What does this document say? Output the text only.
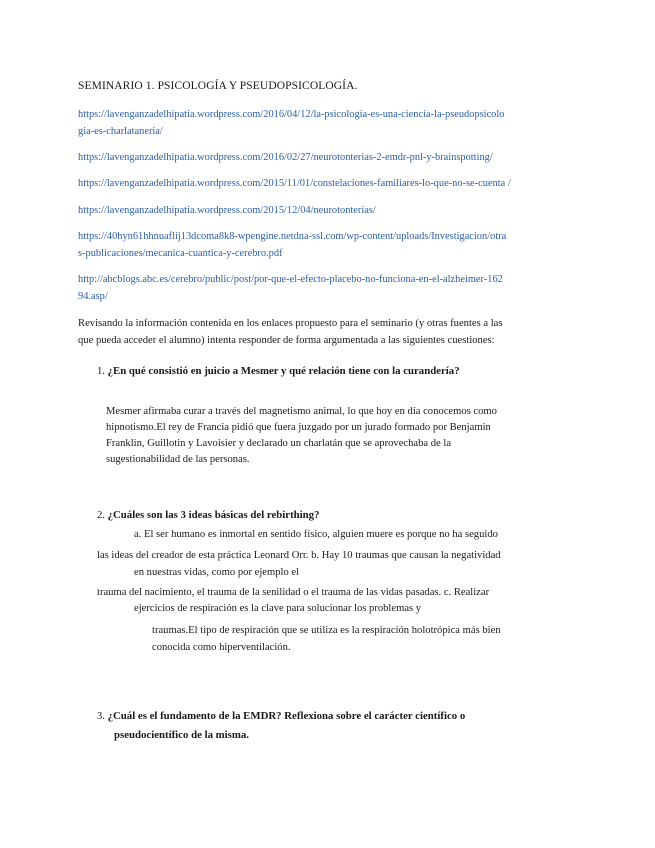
SEMINARIO 1. PSICOLOGÍA Y PSEUDOPSICOLOGÍA.
https://lavenganzadelhipatia.wordpress.com/2016/04/12/la-psicologia-es-una-ciencia-la-pseudopsicolo
gia-es-charlataneria/
https://lavenganzadelhipatia.wordpress.com/2016/02/27/neurotonterias-2-emdr-pnl-y-brainspotting/
https://lavenganzadelhipatia.wordpress.com/2015/11/01/constelaciones-familiares-lo-que-no-se-cuenta /
https://lavenganzadelhipatia.wordpress.com/2015/12/04/neurotonterias/
https://40hyn61hhnuaflij13dcoma8k8-wpengine.netdna-ssl.com/wp-content/uploads/Investigacion/otra
s-publicaciones/mecanica-cuantica-y-cerebro.pdf
http://abcblogs.abc.es/cerebro/public/post/por-que-el-efecto-placebo-no-funciona-en-el-alzheimer-162
94.asp/
Revisando la información contenida en los enlaces propuesto para el seminario (y otras fuentes a las
que pueda acceder el alumno) intenta responder de forma argumentada a las siguientes cuestiones:
1. ¿En qué consistió en juicio a Mesmer y qué relación tiene con la curandería?
Mesmer afirmaba curar a través del magnetismo animal, lo que hoy en día conocemos como
hipnotismo.El rey de Francia pidió que fuera juzgado por un jurado formado por Benjamin
Franklin, Guillotin y Lavoisier y declarado un charlatán que se aprovechaba de la
sugestionabilidad de las personas.
2. ¿Cuáles son las 3 ideas básicas del rebirthing?
a. El ser humano es inmortal en sentido físico, alguien muere es porque no ha seguido
las ideas del creador de esta práctica Leonard Orr. b. Hay 10 traumas que causan la negatividad
en nuestras vidas, como por ejemplo el
trauma del nacimiento, el trauma de la senilidad o el trauma de las vidas pasadas. c. Realizar
ejercicios de respiración es la clave para solucionar los problemas y
traumas.El tipo de respiración que se utiliza es la respiración holotrópica más bien
conocida como hiperventilación.
3. ¿Cuál es el fundamento de la EMDR? Reflexiona sobre el carácter científico o
pseudocientífico de la misma.
